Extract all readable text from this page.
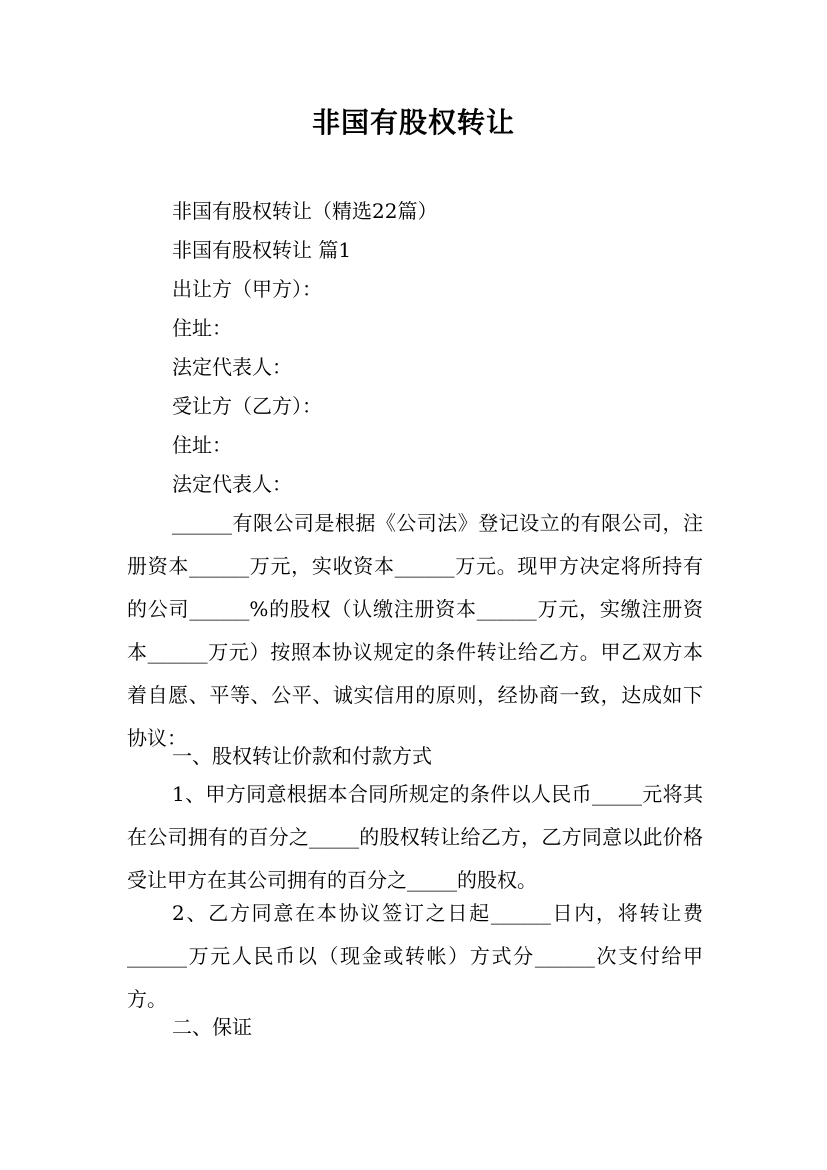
非国有股权转让
非国有股权转让（精选22篇）
非国有股权转让 篇1
出让方（甲方）：
住址：
法定代表人：
受让方（乙方）：
住址：
法定代表人：
______有限公司是根据《公司法》登记设立的有限公司，注册资本______万元，实收资本______万元。现甲方决定将所持有的公司______%的股权（认缴注册资本______万元，实缴注册资本______万元）按照本协议规定的条件转让给乙方。甲乙双方本着自愿、平等、公平、诚实信用的原则，经协商一致，达成如下协议：
一、股权转让价款和付款方式
1、甲方同意根据本合同所规定的条件以人民币_____元将其在公司拥有的百分之_____的股权转让给乙方，乙方同意以此价格受让甲方在其公司拥有的百分之_____的股权。
2、乙方同意在本协议签订之日起______日内，将转让费______万元人民币以（现金或转帐）方式分______次支付给甲方。
二、保证
